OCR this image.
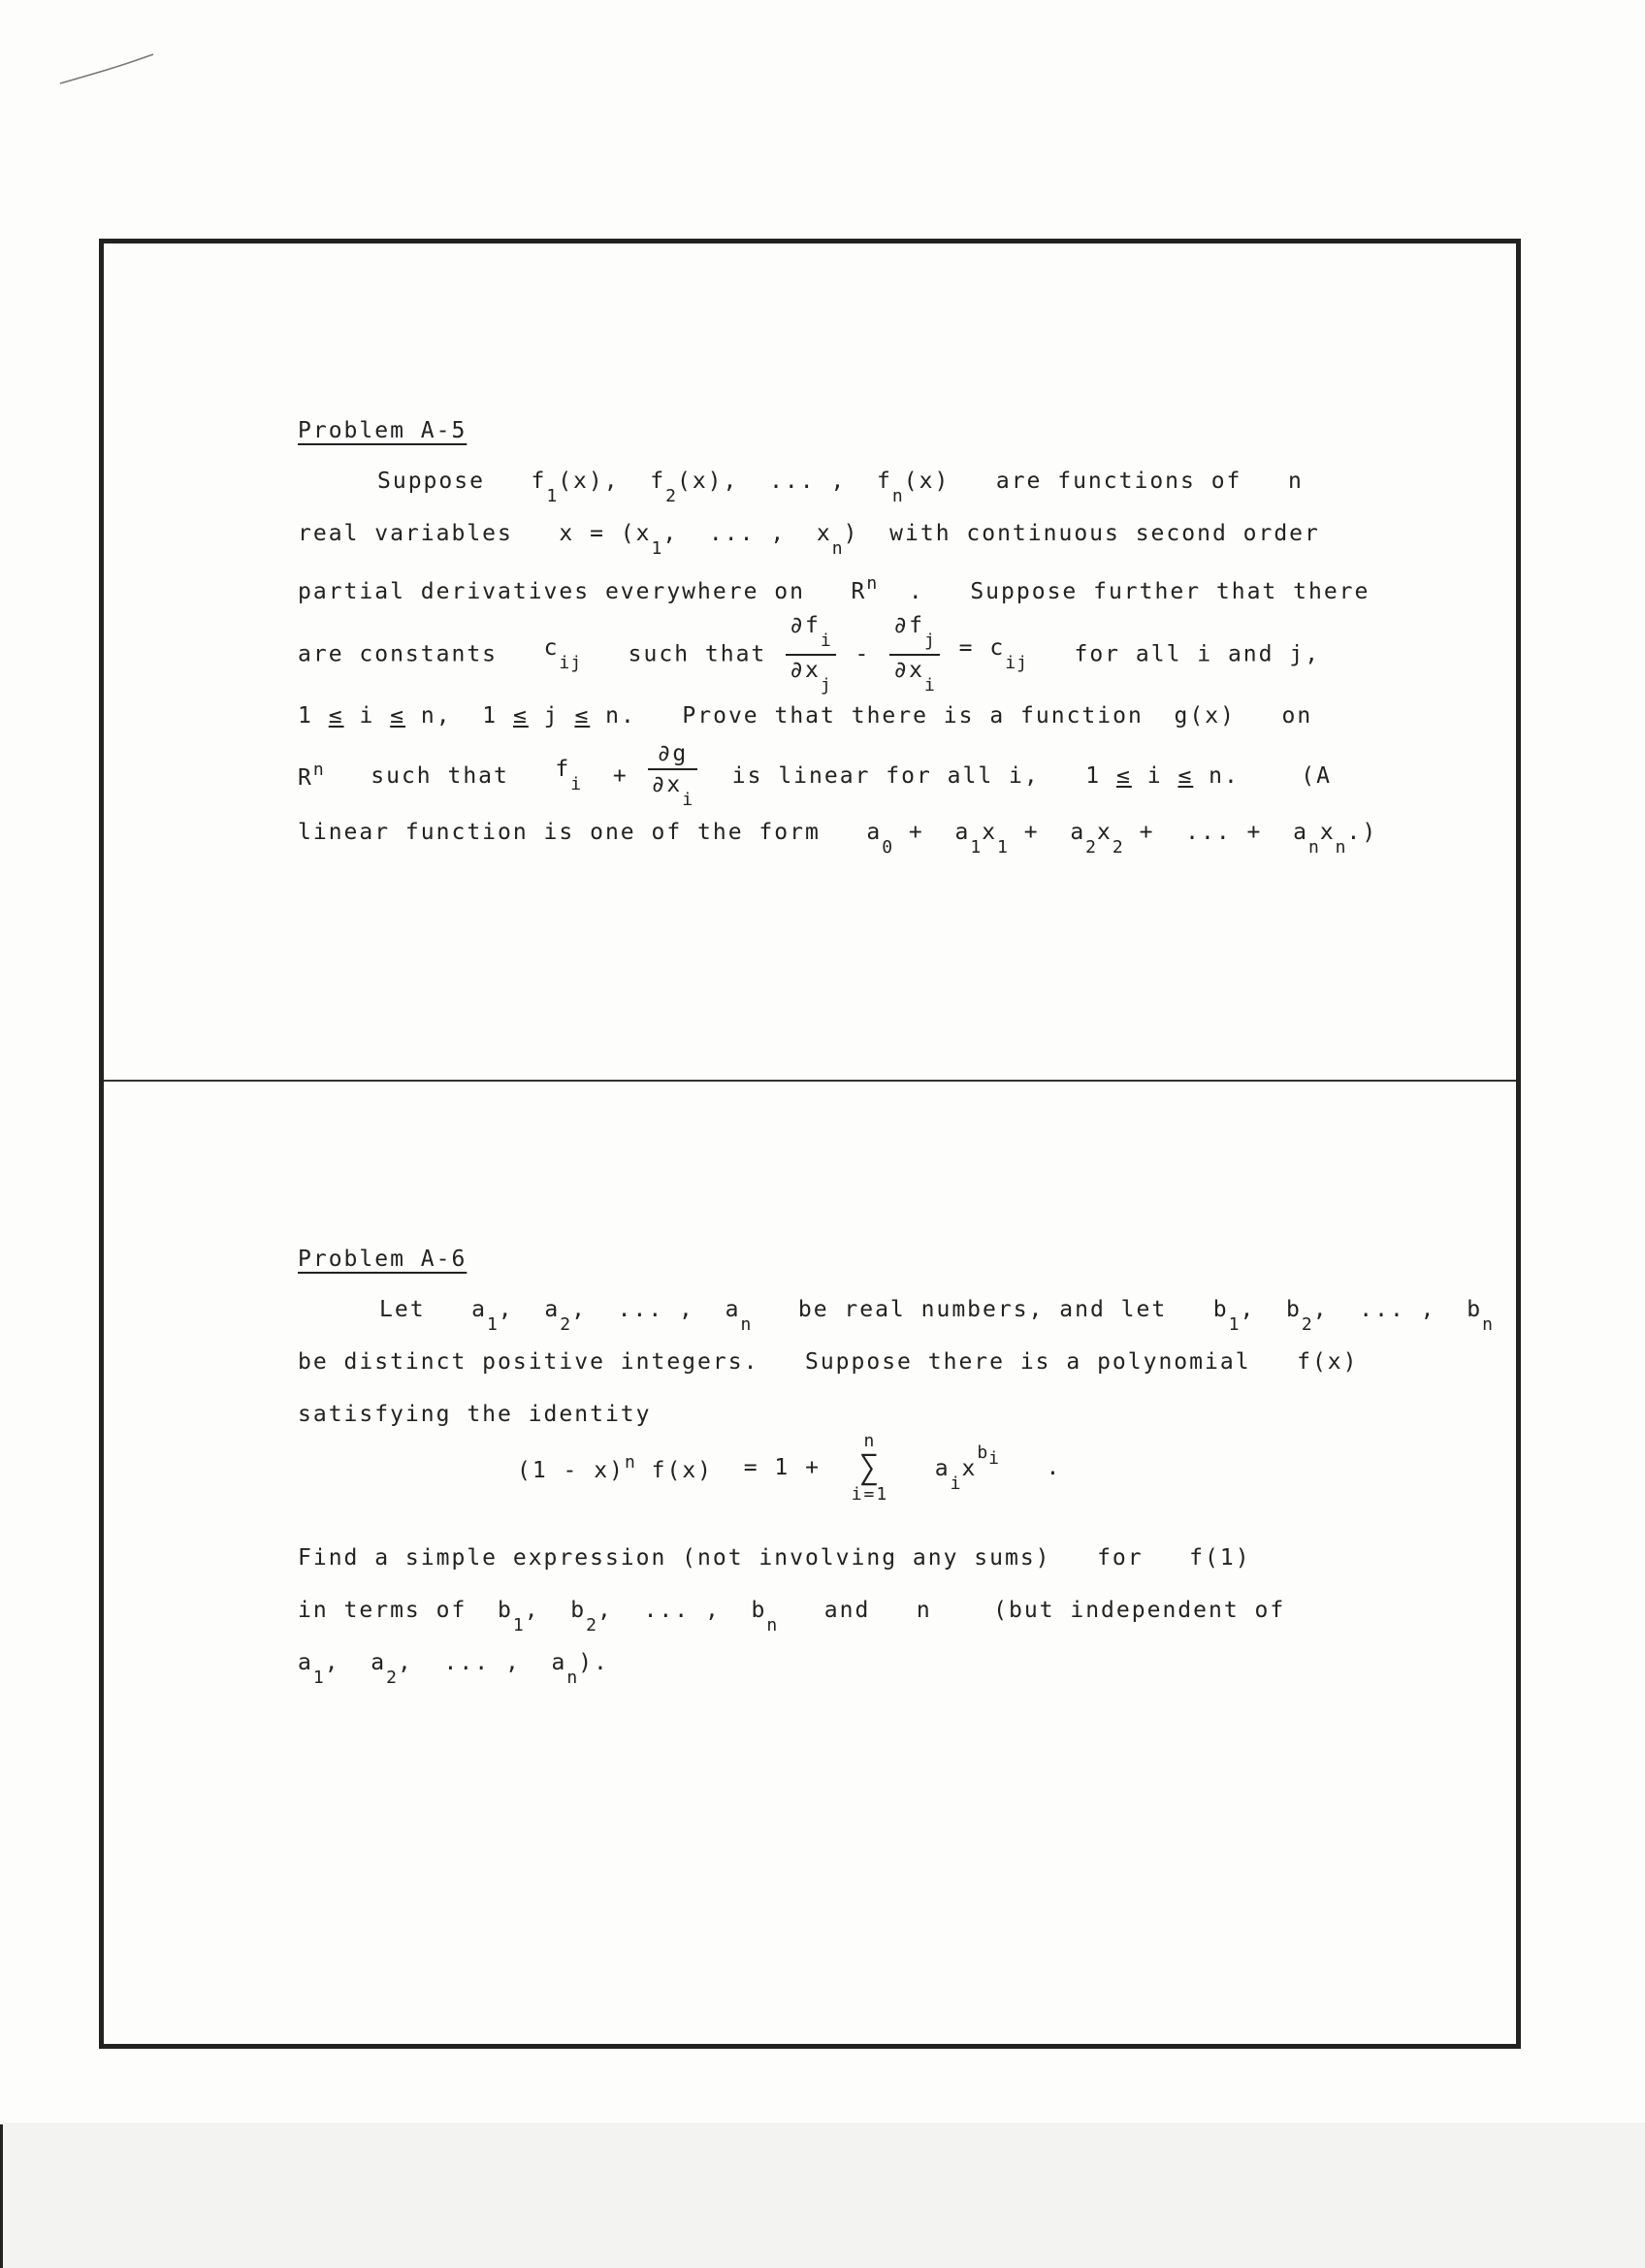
Problem A-5
Suppose $f_1(x)$, $f_2(x)$, ... , $f_n(x)$ are functions of n
real variables $x = (x_1$, ... , $x_n$) with continuous second order
partial derivatives everywhere on $R^n$ . Suppose further that there
are constants $c_{ij}$ such that $\frac{\partial f_i}{\partial x_j} - \frac{\partial f_j}{\partial x_i} = c_{ij}$ for all i and j,
1 ≤ i ≤ n, 1 ≤ j ≤ n. Prove that there is a function g(x) on
$R^n$ such that $f_i + \frac{\partial g}{\partial x_i}$ is linear for all i, 1 ≤ i ≤ n.	(A
linear function is one of the form $a_0 + a_1x_1 + a_2x_2$ + ... + $a_nx_n$.)
Problem A-6
Let $a_1$, $a_2$, ... , $a_n$   be real numbers, and let $b_1$, $b_2$, ... , $b_n$
be distinct positive integers. Suppose there is a polynomial f(x)
satisfying the identity
(1 - x)$^n$ f(x) = 1 +
n
∑
i=1
$a_ix^{b_i}$ .
Find a simple expression (not involving any sums) for f(1)
in terms of $b_1$, $b_2$, ... , $b_n$   and n	(but independent of
$a_1$, $a_2$, ... , $a_n$).
